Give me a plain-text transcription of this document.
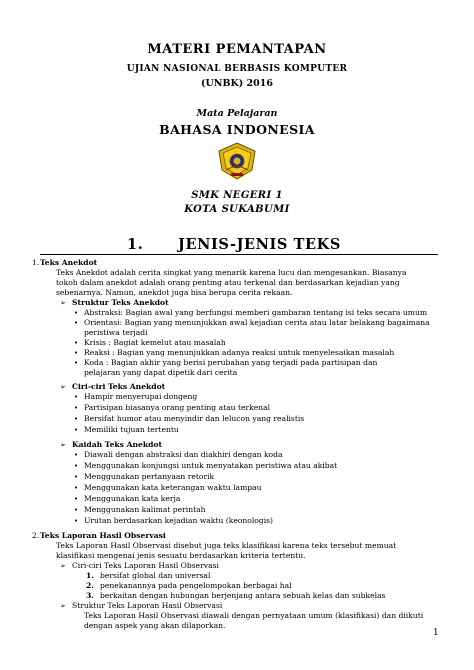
MATERI PEMANTAPAN
UJIAN NASIONAL BERBASIS KOMPUTER
(UNBK) 2016
Mata Pelajaran
BAHASA INDONESIA
SMK NEGERI 1
KOTA SUKABUMI
1. JENIS-JENIS TEKS
1. Teks Anekdot
Teks Anekdot adalah cerita singkat yang menarik karena lucu dan mengesankan. Biasanya
tokoh dalam anekdot adalah orang penting atau terkenal dan berdasarkan kejadian yang
sebenarnya. Namun, anekdot juga bisa berupa cerita rekaan.
➢ Struktur Teks Anekdot
• Abstraksi: Bagian awal yang berfungsi memberi gambaran tentang isi teks secara umum
• Orientasi: Bagian yang menunjukkan awal kejadian cerita atau latar belakang bagaimana
peristiwa terjadi
• Krisis : Bagiat kemelut atau masalah
• Reaksi : Bagian yang menunjukkan adanya reaksi untuk menyelesaikan masalah
• Koda : Bagian akhir yang berisi perubahan yang terjadi pada partisipan dan
pelajaran yang dapat dipetik dari cerita
➢ Ciri-ciri Teks Anekdot
• Hampir menyerupai dongeng
• Partisipan biasanya orang penting atau terkenal
• Bersifat humor atau menyindir dan lelucon yang realistis
• Memiliki tujuan tertentu
➢ Kaidah Teks Anekdot
• Diawali dengan abstraksi dan diakhiri dengan koda
• Menggunakan konjungsi untuk menyatakan peristiwa atau akibat
• Menggunakan pertanyaan retorik
• Menggunakan kata keterangan waktu lampau
• Menggunakan kata kerja
• Menggunakan kalimat perintah
• Urutan berdasarkan kejadian waktu (keonologis)
2. Teks Laporan Hasil Observasi
Teks Laporan Hasil Observasi disebut juga teks klasifikasi karena teks tersebut memuat
klasifikasi mengenai jenis sesuatu berdasarkan kriteria tertentu.
➢ Ciri-ciri Teks Laporan Hasil Observasi
1. bersifat global dan universal
2. penekanannya pada pengelompokan berbagai hal
3. berkaitan dengan hubungan berjenjang antara sebuah kelas dan subkelas
➢ Struktur Teks Laporan Hasil Observasi
Teks Laporan Hasil Observasi diawali dengan pernyataan umum (klasifikasi) dan diikuti
dengan aspek yang akan dilaporkan.
1
